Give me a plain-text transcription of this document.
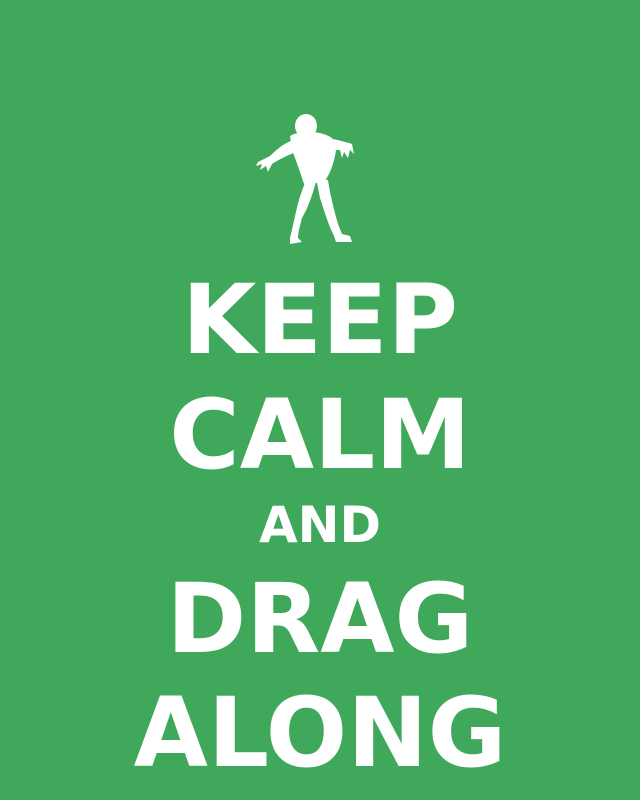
KEEP

CALM

AND

DRAG

ALONG
